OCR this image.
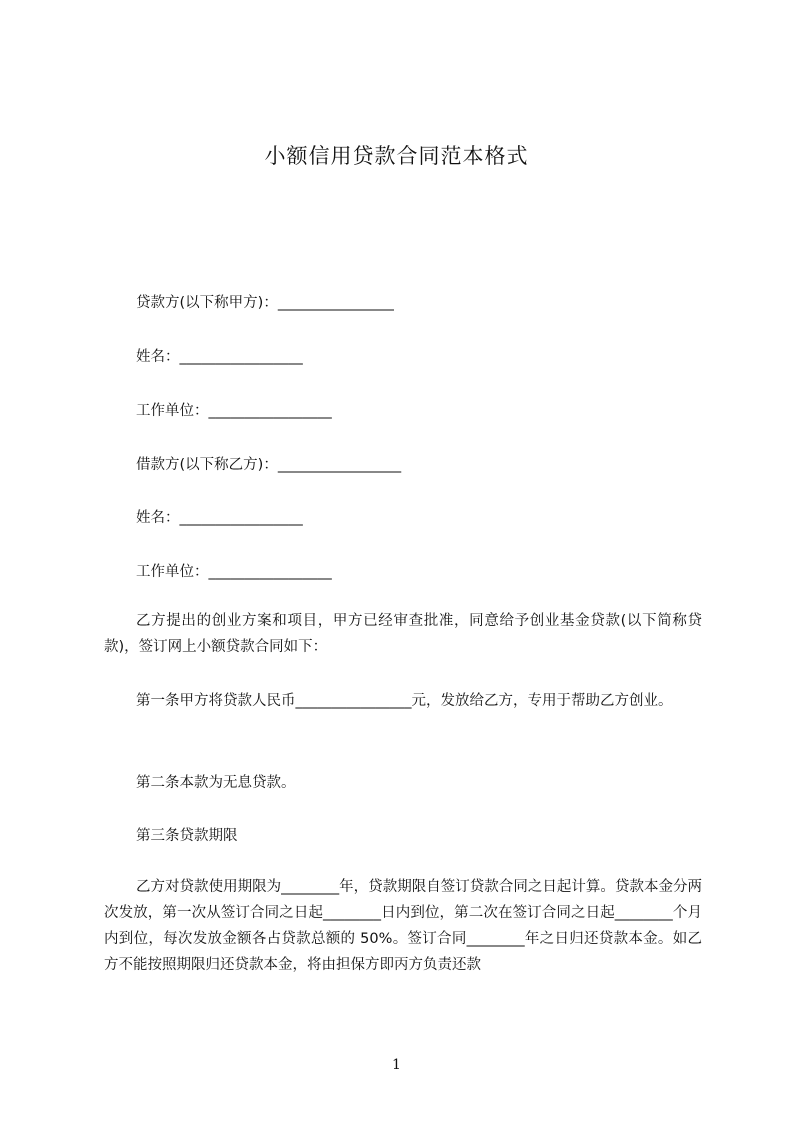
小额信用贷款合同范本格式
贷款方(以下称甲方)：________________
姓名：_________________
工作单位：_________________
借款方(以下称乙方)：_________________
姓名：_________________
工作单位：_________________
乙方提出的创业方案和项目，甲方已经审查批准，同意给予创业基金贷款(以下简称贷款)，签订网上小额贷款合同如下：
第一条甲方将贷款人民币________________元，发放给乙方，专用于帮助乙方创业。
第二条本款为无息贷款。
第三条贷款期限
乙方对贷款使用期限为________年，贷款期限自签订贷款合同之日起计算。贷款本金分两次发放，第一次从签订合同之日起________日内到位，第二次在签订合同之日起________个月内到位，每次发放金额各占贷款总额的 50%。签订合同________年之日归还贷款本金。如乙方不能按照期限归还贷款本金，将由担保方即丙方负责还款
1
